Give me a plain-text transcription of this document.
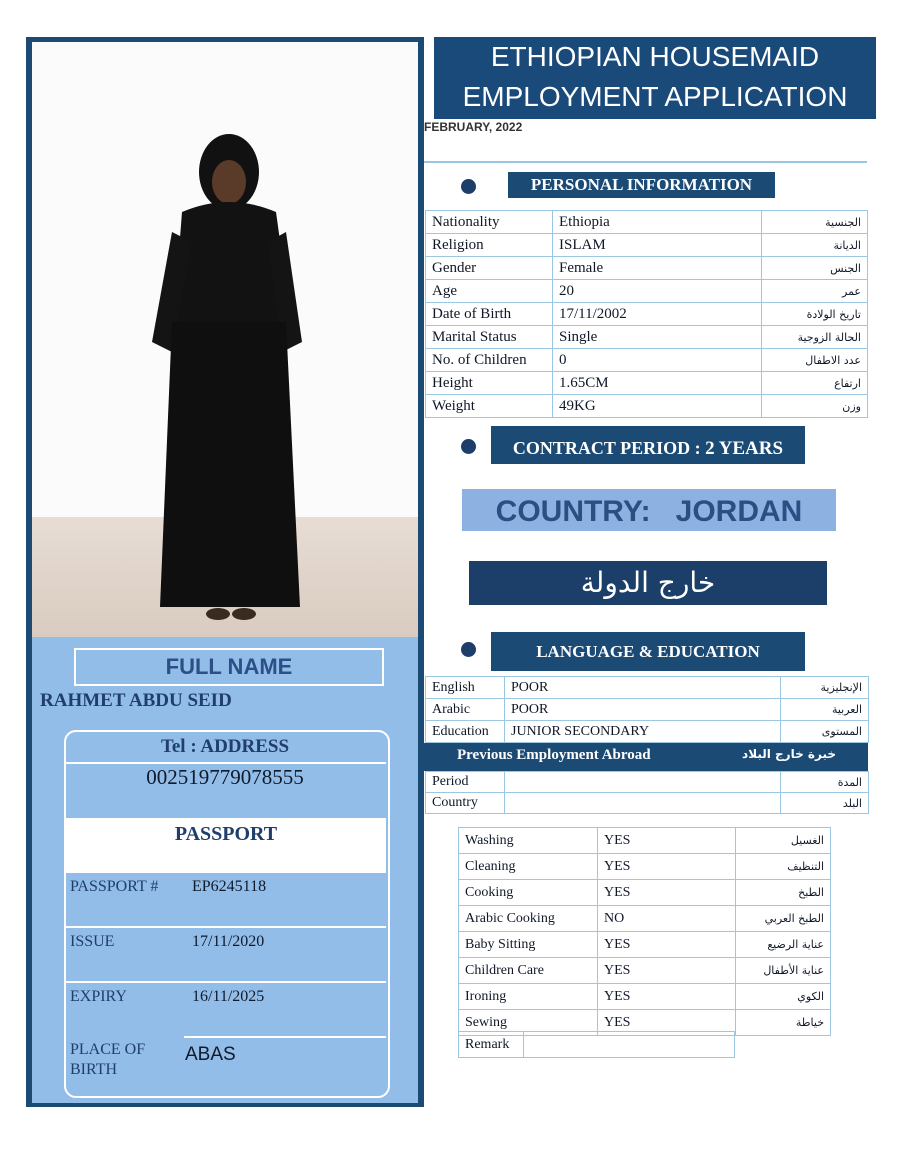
FULL NAME
RAHMET ABDU SEID
Tel : ADDRESS
002519779078555
PASSPORT
PASSPORT # EP6245118
ISSUE	17/11/2020
EXPIRY	16/11/2025
PLACE OF
BIRTH
ABAS
ETHIOPIAN HOUSEMAID
EMPLOYMENT APPLICATION
FEBRUARY, 2022
PERSONAL INFORMATION
Nationality	Ethiopia	الجنسية
Religion	ISLAM	الديانة
Gender	Female	الجنس
Age	20	عمر
Date of Birth	17/11/2002	تاريخ الولادة
Marital Status	Single	الحالة الزوجية
No. of Children	0	عدد الاطفال
Height	1.65CM	ارتفاع
Weight	49KG	وزن
CONTRACT PERIOD : 2 YEARS
COUNTRY: JORDAN
خارج الدولة
LANGUAGE & EDUCATION
English	POOR	الإنجليزية
Arabic	POOR	العربية
Education	JUNIOR SECONDARY	المستوى
Previous Employment Abroad	خبرة خارج البلاد
Period		المدة
Country		البلد
Washing	YES	الغسيل
Cleaning	YES	التنظيف
Cooking	YES	الطبخ
Arabic Cooking	NO	الطبخ العربي
Baby Sitting	YES	عناية الرضيع
Children Care	YES	عناية الأطفال
Ironing	YES	الكوي
Sewing	YES	خياطة
Remark	
